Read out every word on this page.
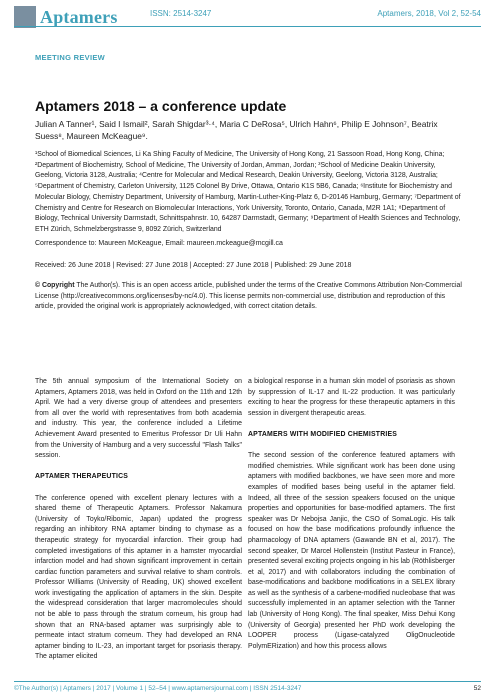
Aptamers	ISSN: 2514-3247	Aptamers, 2018, Vol 2, 52-54
MEETING REVIEW
Aptamers 2018 – a conference update
Julian A Tanner¹, Said I Ismail², Sarah Shigdar³·⁴, Maria C DeRosa⁵, Ulrich Hahn⁶, Philip E Johnson⁷, Beatrix Suess⁸, Maureen McKeague⁹.
¹School of Biomedical Sciences, Li Ka Shing Faculty of Medicine, The University of Hong Kong, 21 Sassoon Road, Hong Kong, China; ²Department of Biochemistry, School of Medicine, The University of Jordan, Amman, Jordan; ³School of Medicine Deakin University, Geelong, Victoria 3128, Australia; ⁴Centre for Molecular and Medical Research, Deakin University, Geelong, Victoria 3128, Australia; ⁵Department of Chemistry, Carleton University, 1125 Colonel By Drive, Ottawa, Ontario K1S 5B6, Canada; ⁶Institute for Biochemistry and Molecular Biology, Chemistry Department, University of Hamburg, Martin-Luther-King-Platz 6, D-20146 Hamburg, Germany; ⁷Department of Chemistry and Centre for Research on Biomolecular Interactions, York University, Toronto, Ontario, Canada, M2R 1A1; ⁸Department of Biology, Technical University Darmstadt, Schnittspahnstr. 10, 64287 Darmstadt, Germany; ⁹Department of Health Sciences and Technology, ETH Zürich, Schmelzbergstrasse 9, 8092 Zürich, Switzerland
Correspondence to: Maureen McKeague, Email: maureen.mckeague@mcgill.ca
Received: 26 June 2018 | Revised: 27 June 2018 | Accepted: 27 June 2018 | Published: 29 June 2018
© Copyright The Author(s). This is an open access article, published under the terms of the Creative Commons Attribution Non-Commercial License (http://creativecommons.org/licenses/by-nc/4.0). This license permits non-commercial use, distribution and reproduction of this article, provided the original work is appropriately acknowledged, with correct citation details.

The 5th annual symposium of the International Society on Aptamers, Aptamers 2018, was held in Oxford on the 11th and 12th April. We had a very diverse group of attendees and presenters from all over the world with representatives from both academia and industry. This year, the conference included a Lifetime Achievement Award presented to Emeritus Professor Dr Uli Hahn from the University of Hamburg and a very successful "Flash Talks" session.

APTAMER THERAPEUTICS

The conference opened with excellent plenary lectures with a shared theme of Therapeutic Aptamers. Professor Nakamura (University of Toyko/Ribomic, Japan) updated the progress regarding an inhibitory RNA aptamer binding to chymase as a therapeutic strategy for myocardial infarction. Their group had completed investigations of this aptamer in a hamster myocardial infarction model and had shown significant improvement in certain cardiac function parameters and survival relative to sham controls. Professor Williams (University of Reading, UK) showed excellent work investigating the application of aptamers in the skin. Despite the widespread consideration that larger macromolecules should not be able to pass through the stratum corneum, his group had shown that an RNA-based aptamer was surprisingly able to permeate intact stratum corneum. They had developed an RNA aptamer binding to IL-23, an important target for psoriasis therapy. The aptamer elicited

a biological response in a human skin model of psoriasis as shown by suppression of IL-17 and IL-22 production. It was particularly exciting to hear the progress for these therapeutic aptamers in this session in divergent therapeutic areas.

APTAMERS WITH MODIFIED CHEMISTRIES

The second session of the conference featured aptamers with modified chemistries. While significant work has been done using aptamers with modified backbones, we have seen more and more examples of modified bases being useful in the aptamer field. Indeed, all three of the session speakers focused on the unique properties and opportunities for base-modified aptamers. The first speaker was Dr Nebojsa Janjic, the CSO of SomaLogic. His talk focused on how the base modifications profoundly influence the pharmacology of DNA aptamers (Gawande BN et al, 2017). The second speaker, Dr Marcel Hollenstein (Institut Pasteur in France), presented several exciting projects ongoing in his lab (Röthlisberger et al, 2017) and with collaborators including the combination of base-modifications and backbone modifications in a SELEX library as well as the synthesis of a carbene-modified nucleobase that was successfully implemented in an aptamer selection with the Tanner lab (University of Hong Kong). The final speaker, Miss Dehui Kong (University of Georgia) presented her PhD work developing the LOOPER process (Ligase-catalyzed OligOnucleotide PolymERization) and how this process allows

©The Author(s) | Aptamers | 2017 | Volume 1 | 52–54 | www.aptamersjournal.com | ISSN 2514-3247	52
